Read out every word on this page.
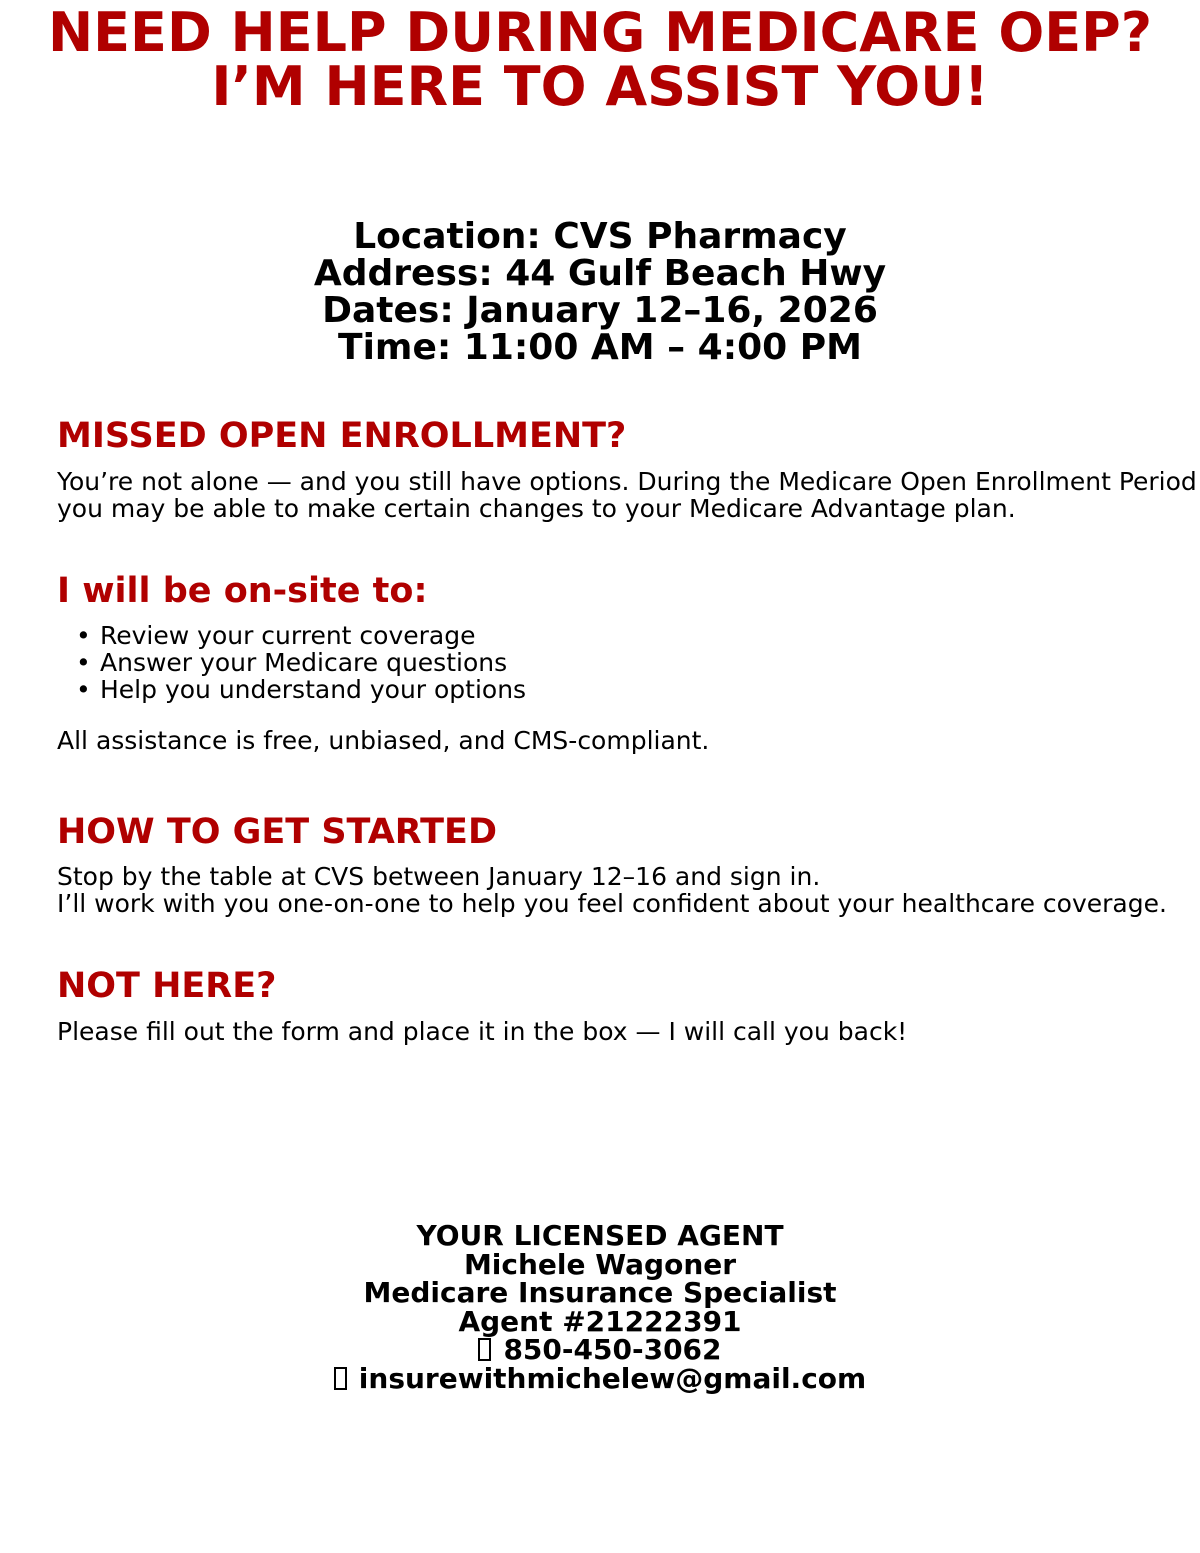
NEED HELP DURING MEDICARE OEP?
I’M HERE TO ASSIST YOU!
Location: CVS Pharmacy
Address: 44 Gulf Beach Hwy
Dates: January 12–16, 2026
Time: 11:00 AM – 4:00 PM
MISSED OPEN ENROLLMENT?
You’re not alone — and you still have options. During the Medicare Open Enrollment Period
you may be able to make certain changes to your Medicare Advantage plan.
I will be on-site to:
• Review your current coverage
• Answer your Medicare questions
• Help you understand your options
All assistance is free, unbiased, and CMS-compliant.
HOW TO GET STARTED
Stop by the table at CVS between January 12–16 and sign in.
I’ll work with you one-on-one to help you feel confident about your healthcare coverage.
NOT HERE?
Please fill out the form and place it in the box — I will call you back!
YOUR LICENSED AGENT
Michele Wagoner
Medicare Insurance Specialist
Agent #21222391
850-450-3062
insurewithmichelew@gmail.com
